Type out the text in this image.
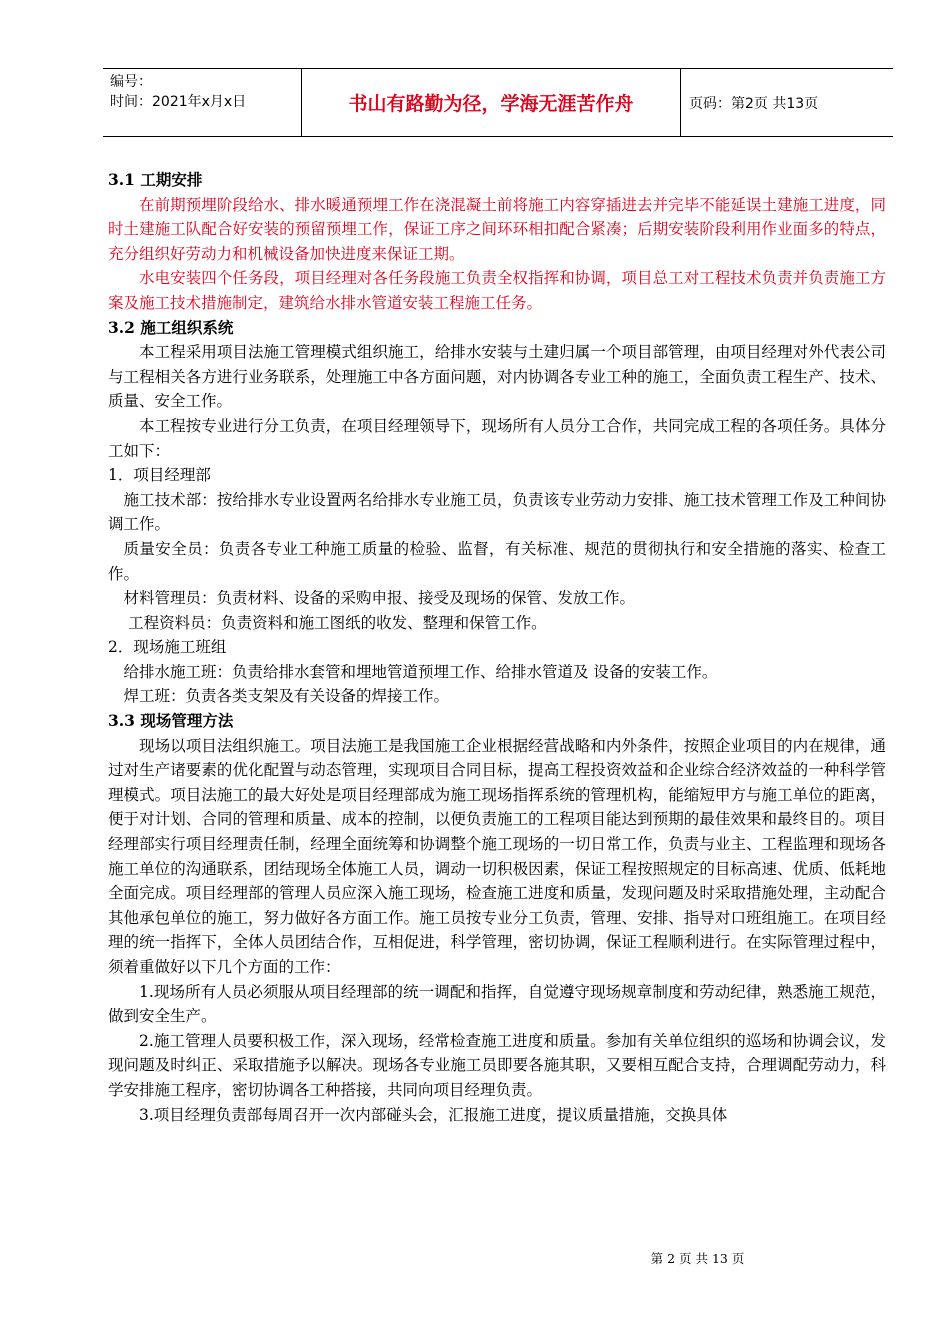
编号：
时间：2021年x月x日	书山有路勤为径，学海无涯苦作舟	页码：第2页 共13页

3.1 工期安排

在前期预埋阶段给水、排水暖通预埋工作在浇混凝土前将施工内容穿插进去并完毕不能延误土建施工进度，同时土建施工队配合好安装的预留预埋工作，保证工序之间环环相扣配合紧凑；后期安装阶段利用作业面多的特点，充分组织好劳动力和机械设备加快进度来保证工期。

水电安装四个任务段，项目经理对各任务段施工负责全权指挥和协调，项目总工对工程技术负责并负责施工方案及施工技术措施制定，建筑给水排水管道安装工程施工任务。

3.2 施工组织系统

本工程采用项目法施工管理模式组织施工，给排水安装与土建归属一个项目部管理，由项目经理对外代表公司与工程相关各方进行业务联系，处理施工中各方面问题，对内协调各专业工种的施工，全面负责工程生产、技术、质量、安全工作。

本工程按专业进行分工负责，在项目经理领导下，现场所有人员分工合作，共同完成工程的各项任务。具体分工如下：

1．项目经理部

施工技术部：按给排水专业设置两名给排水专业施工员，负责该专业劳动力安排、施工技术管理工作及工种间协调工作。

质量安全员：负责各专业工种施工质量的检验、监督，有关标准、规范的贯彻执行和安全措施的落实、检查工作。

材料管理员：负责材料、设备的采购申报、接受及现场的保管、发放工作。

工程资料员：负责资料和施工图纸的收发、整理和保管工作。

2．现场施工班组

给排水施工班：负责给排水套管和埋地管道预埋工作、给排水管道及 设备的安装工作。

焊工班：负责各类支架及有关设备的焊接工作。

3.3 现场管理方法

现场以项目法组织施工。项目法施工是我国施工企业根据经营战略和内外条件，按照企业项目的内在规律，通过对生产诸要素的优化配置与动态管理，实现项目合同目标，提高工程投资效益和企业综合经济效益的一种科学管理模式。项目法施工的最大好处是项目经理部成为施工现场指挥系统的管理机构，能缩短甲方与施工单位的距离，便于对计划、合同的管理和质量、成本的控制，以便负责施工的工程项目能达到预期的最佳效果和最终目的。项目经理部实行项目经理责任制，经理全面统筹和协调整个施工现场的一切日常工作，负责与业主、工程监理和现场各施工单位的沟通联系，团结现场全体施工人员，调动一切积极因素，保证工程按照规定的目标高速、优质、低耗地全面完成。项目经理部的管理人员应深入施工现场，检查施工进度和质量，发现问题及时采取措施处理，主动配合其他承包单位的施工，努力做好各方面工作。施工员按专业分工负责，管理、安排、指导对口班组施工。在项目经理的统一指挥下，全体人员团结合作，互相促进，科学管理，密切协调，保证工程顺利进行。在实际管理过程中，须着重做好以下几个方面的工作：

1.现场所有人员必须服从项目经理部的统一调配和指挥，自觉遵守现场规章制度和劳动纪律，熟悉施工规范，做到安全生产。

2.施工管理人员要积极工作，深入现场，经常检查施工进度和质量。参加有关单位组织的巡场和协调会议，发现问题及时纠正、采取措施予以解决。现场各专业施工员即要各施其职，又要相互配合支持，合理调配劳动力，科学安排施工程序，密切协调各工种搭接，共同向项目经理负责。

3.项目经理负责部每周召开一次内部碰头会，汇报施工进度，提议质量措施，交换具体

第 2 页 共 13 页
